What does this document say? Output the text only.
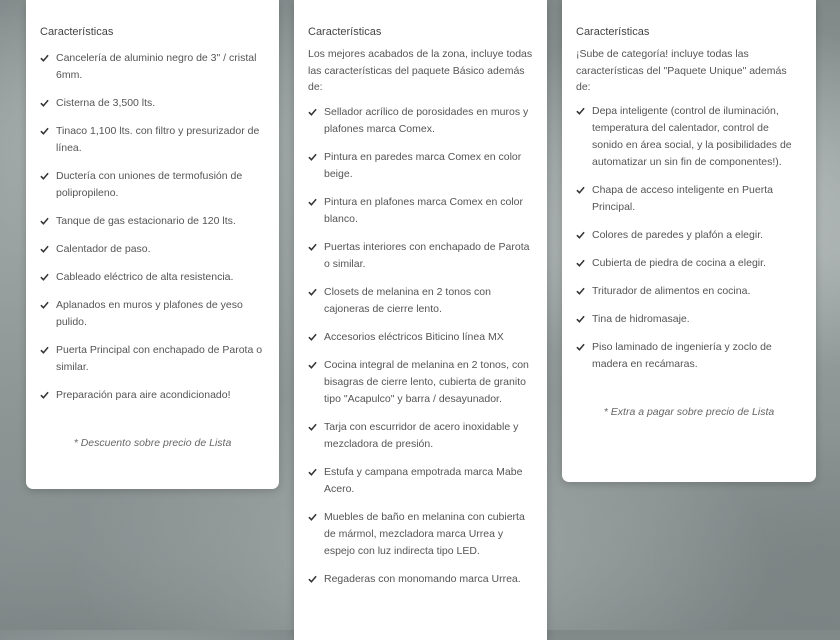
Características
Cancelería de aluminio negro de 3" / cristal 6mm.
Cisterna de 3,500 lts.
Tinaco 1,100 lts. con filtro y presurizador de línea.
Ductería con uniones de termofusión de polipropileno.
Tanque de gas estacionario de 120 lts.
Calentador de paso.
Cableado eléctrico de alta resistencia.
Aplanados en muros y plafones de yeso pulido.
Puerta Principal con enchapado de Parota o similar.
Preparación para aire acondicionado!
* Descuento sobre precio de Lista
Características
Los mejores acabados de la zona, incluye todas las características del paquete Básico además de:
Sellador acrílico de porosidades en muros y plafones marca Comex.
Pintura en paredes marca Comex en color beige.
Pintura en plafones marca Comex en color blanco.
Puertas interiores con enchapado de Parota o similar.
Closets de melanina en 2 tonos con cajoneras de cierre lento.
Accesorios eléctricos Biticino línea MX
Cocina integral de melanina en 2 tonos, con bisagras de cierre lento, cubierta de granito tipo "Acapulco" y barra / desayunador.
Tarja con escurridor de acero inoxidable y mezcladora de presión.
Estufa y campana empotrada marca Mabe Acero.
Muebles de baño en melanina con cubierta de mármol, mezcladora marca Urrea y espejo con luz indirecta tipo LED.
Regaderas con monomando marca Urrea.
Características
¡Sube de categoría! incluye todas las características del "Paquete Unique" además de:
Depa inteligente (control de iluminación, temperatura del calentador, control de sonido en área social, y la posibilidades de automatizar un sin fin de componentes!).
Chapa de acceso inteligente en Puerta Principal.
Colores de paredes y plafón a elegir.
Cubierta de piedra de cocina a elegir.
Triturador de alimentos en cocina.
Tina de hidromasaje.
Piso laminado de ingeniería y zoclo de madera en recámaras.
* Extra a pagar sobre precio de Lista
